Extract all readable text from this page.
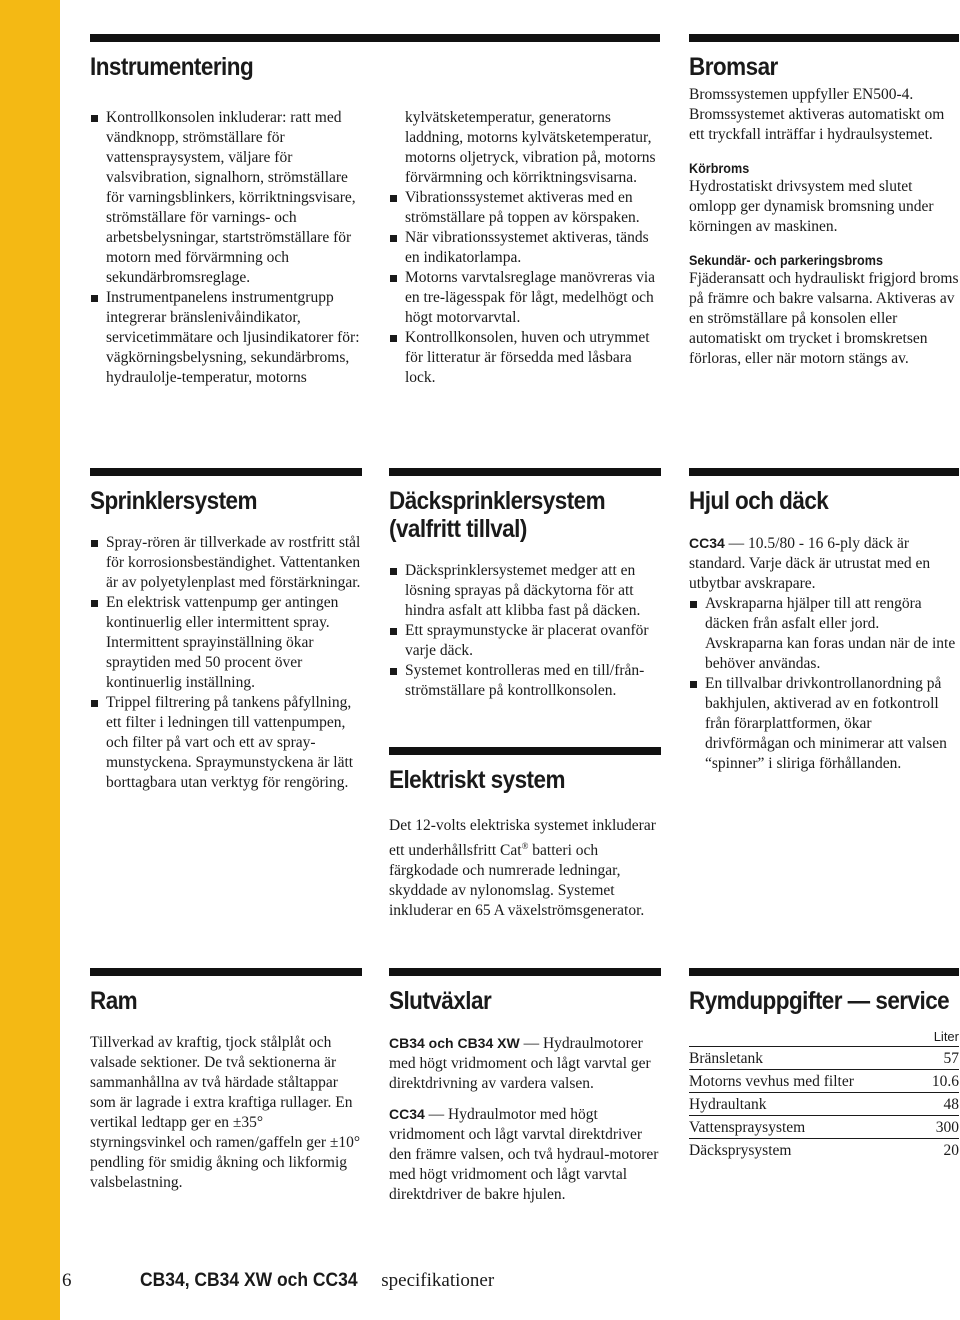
Instrumentering
Kontrollkonsolen inkluderar: ratt med vändknopp, strömställare för vattenspraysystem, väljare för valsvibration, signalhorn, strömställare för varningsblinkers, körriktningsvisare, strömställare för varnings- och arbetsbelysningar, startströmställare för motorn med förvärmning och sekundärbromsreglage.
Instrumentpanelens instrumentgrupp integrerar bränslenivåindikator, servicetimmätare och ljusindikatorer för: vägkörningsbelysning, sekundärbroms, hydraulolje-temperatur, motorns

kylvätsketemperatur, generatorns laddning, motorns kylvätsketemperatur, motorns oljetryck, vibration på, motorns förvärmning och körriktningsvisarna.

Vibrationssystemet aktiveras med en strömställare på toppen av körspaken.
När vibrationssystemet aktiveras, tänds en indikatorlampa.
Motorns varvtalsreglage manövreras via en tre-lägesspak för lågt, medelhögt och högt motorvarvtal.
Kontrollkonsolen, huven och utrymmet för litteratur är försedda med låsbara lock.
Bromsar

Bromssystemen uppfyller EN500-4. Bromssystemet aktiveras automatiskt om ett tryckfall inträffar i hydraulsystemet.

Körbroms

Hydrostatiskt drivsystem med slutet omlopp ger dynamisk bromsning under körningen av maskinen.

Sekundär- och parkeringsbroms

Fjäderansatt och hydrauliskt frigjord broms på främre och bakre valsarna. Aktiveras av en strömställare på konsolen eller automatiskt om trycket i bromskretsen förloras, eller när motorn stängs av.

Sprinklersystem
Spray-rören är tillverkade av rostfritt stål för korrosionsbeständighet. Vattentanken är av polyetylenplast med förstärkningar.
En elektrisk vattenpump ger antingen kontinuerlig eller intermittent spray. Intermittent sprayinställning ökar spraytiden med 50 procent över kontinuerlig inställning.
Trippel filtrering på tankens påfyllning, ett filter i ledningen till vattenpumpen, och filter på vart och ett av spray-munstyckena. Spraymunstyckena är lätt borttagbara utan verktyg för rengöring.
Däcksprinklersystem
(valfritt tillval)
Däcksprinklersystemet medger att en lösning sprayas på däckytorna för att hindra asfalt att klibba fast på däcken.
Ett spraymunstycke är placerat ovanför varje däck.
Systemet kontrolleras med en till/från-strömställare på kontrollkonsolen.
Elektriskt system

Det 12-volts elektriska systemet inkluderar ett underhållsfritt Cat® batteri och färgkodade och numrerade ledningar, skyddade av nylonomslag. Systemet inkluderar en 65 A växelströmsgenerator.

Hjul och däck

CC34 — 10.5/80 - 16 6-ply däck är standard. Varje däck är utrustat med en utbytbar avskrapare.

Avskraparna hjälper till att rengöra däcken från asfalt eller jord. Avskraparna kan foras undan när de inte behöver användas.
En tillvalbar drivkontrollanordning på bakhjulen, aktiverad av en fotkontroll från förarplattformen, ökar drivförmågan och minimerar att valsen “spinner” i sliriga förhållanden.
Ram

Tillverkad av kraftig, tjock stålplåt och valsade sektioner. De två sektionerna är sammanhållna av två härdade ståltappar som är lagrade i extra kraftiga rullager. En vertikal ledtapp ger en ±35° styrningsvinkel och ramen/gaffeln ger ±10° pendling för smidig åkning och likformig valsbelastning.

Slutväxlar

CB34 och CB34 XW — Hydraulmotorer med högt vridmoment och lågt varvtal ger direktdrivning av vardera valsen.

CC34 — Hydraulmotor med högt vridmoment och lågt varvtal direktdriver den främre valsen, och två hydraul-motorer med högt vridmoment och lågt varvtal direktdriver de bakre hjulen.

Rymduppgifter — service
	Liter
Bränsletank	57
Motorns vevhus med filter	10.6
Hydraultank	48
Vattenspraysystem	300
Däcksprysystem	20
6	CB34, CB34 XW och CC34 specifikationer
